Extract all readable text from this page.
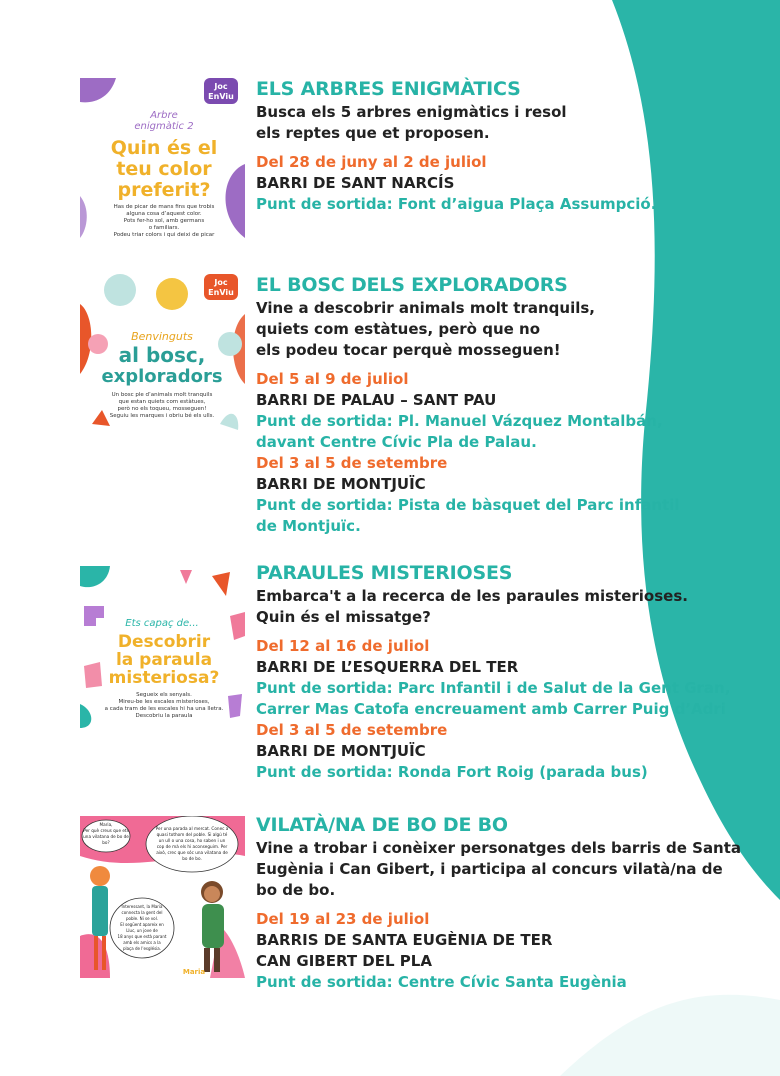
Joc
EnViu
Arbre
enigmàtic 2
Quin és el
teu color
preferit?
Has de picar de mans fins que trobis
alguna cosa d’aquest color.
Pots fer-ho sol, amb germans
o familiars.
Podeu triar colors i qui deixi de picar
ELS ARBRES ENIGMÀTICS
Busca els 5 arbres enigmàtics i resol
els reptes que et proposen.
Del 28 de juny al 2 de juliol
BARRI DE SANT NARCÍS
Punt de sortida: Font d’aigua Plaça Assumpció.
Joc
EnViu
Benvinguts
al bosc,
exploradors
Un bosc ple d’animals molt tranquils
que estan quiets com estàtues,
però no els toqueu, mosseguen!
Seguiu les marques i obriu bé els ulls.
EL BOSC DELS EXPLORADORS
Vine a descobrir animals molt tranquils,
quiets com estàtues, però que no
els podeu tocar perquè mosseguen!
Del 5 al 9 de juliol
BARRI DE PALAU – SANT PAU
Punt de sortida: Pl. Manuel Vázquez Montalbán,
davant Centre Cívic Pla de Palau.
Del 3 al 5 de setembre
BARRI DE MONTJUÏC
Punt de sortida: Pista de bàsquet del Parc infantil
de Montjuïc.
Ets capaç de...
Descobrir
la paraula
misteriosa?
Segueix els senyals.
Mireu-be les escales misterioses,
a cada tram de les escales hi ha una lletra.
Descobriu la paraula
PARAULES MISTERIOSES
Embarca't a la recerca de les paraules misterioses.
Quin és el missatge?
Del 12 al 16 de juliol
BARRI DE L’ESQUERRA DEL TER
Punt de sortida: Parc Infantil i de Salut de la Gent Gran,
Carrer Mas Catofa encreuament amb Carrer Puig d’Adri
Del 3 al 5 de setembre
BARRI DE MONTJUÏC
Punt de sortida: Ronda Fort Roig (parada bus)
Maria,
Per què creus que ets
una vilatana de bo de
bo?
Per una parada al mercat. Conec a
quasi tothom del poble. Si algú té
un ull o una cosa, ho saben i un
cop de mà els hi aconseguim. Per
això, crec que sóc una vilatana de
bo de bo.
Interessant, la Maria
connecta la gent del
poble. Ni se vol.
El següent apareix en
Lluc, un jove de
18 anys que està parant
amb els amics a la
plaça de l'església.
Maria
VILATÀ/NA DE BO DE BO
Vine a trobar i conèixer personatges dels barris de Santa
Eugènia i Can Gibert, i participa al concurs vilatà/na de
bo de bo.
Del 19 al 23 de juliol
BARRIS DE SANTA EUGÈNIA DE TER
CAN GIBERT DEL PLA
Punt de sortida: Centre Cívic Santa Eugènia
